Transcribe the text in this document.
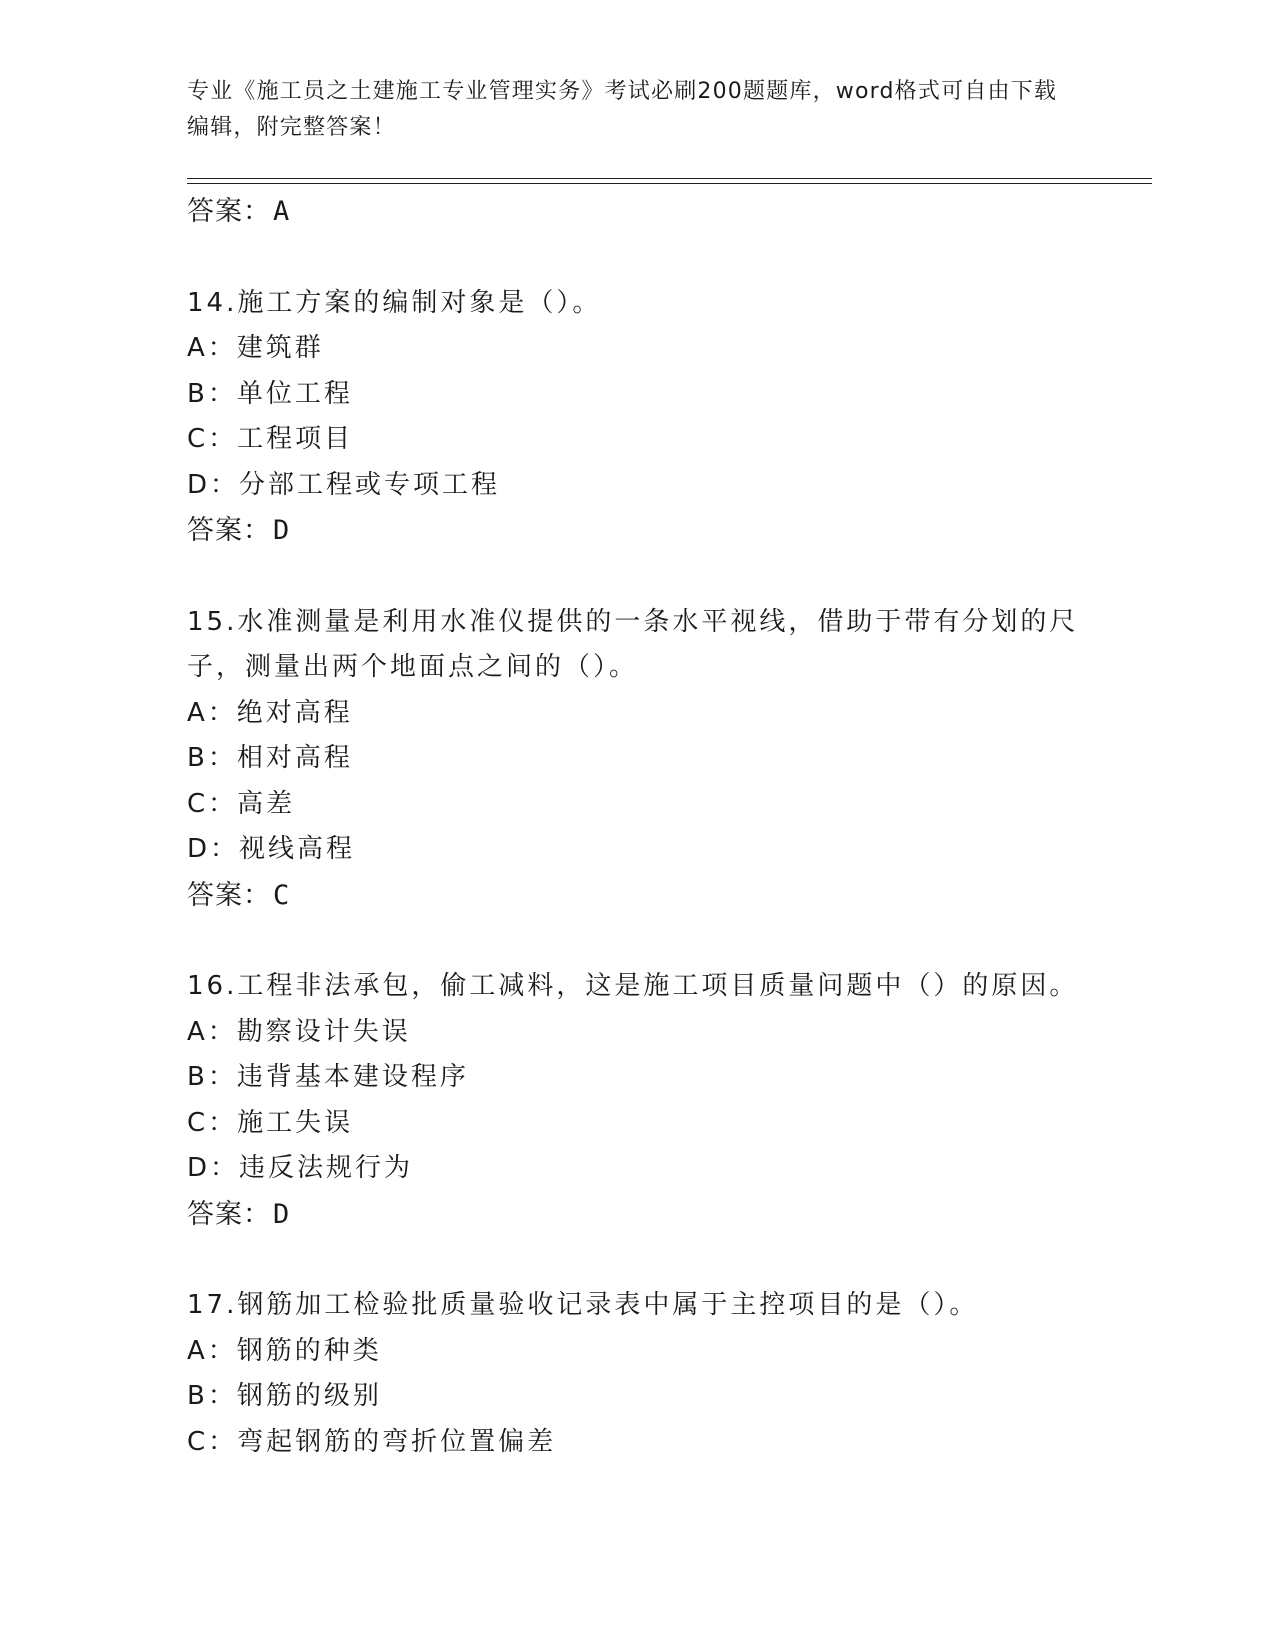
专业《施工员之土建施工专业管理实务》考试必刷200题题库，word格式可自由下载编辑，附完整答案！
答案：A
14.施工方案的编制对象是（）。
A：建筑群
B：单位工程
C：工程项目
D：分部工程或专项工程
答案：D
15.水准测量是利用水准仪提供的一条水平视线，借助于带有分划的尺子，测量出两个地面点之间的（）。
A：绝对高程
B：相对高程
C：高差
D：视线高程
答案：C
16.工程非法承包，偷工减料，这是施工项目质量问题中（）的原因。
A：勘察设计失误
B：违背基本建设程序
C：施工失误
D：违反法规行为
答案：D
17.钢筋加工检验批质量验收记录表中属于主控项目的是（）。
A：钢筋的种类
B：钢筋的级别
C：弯起钢筋的弯折位置偏差
